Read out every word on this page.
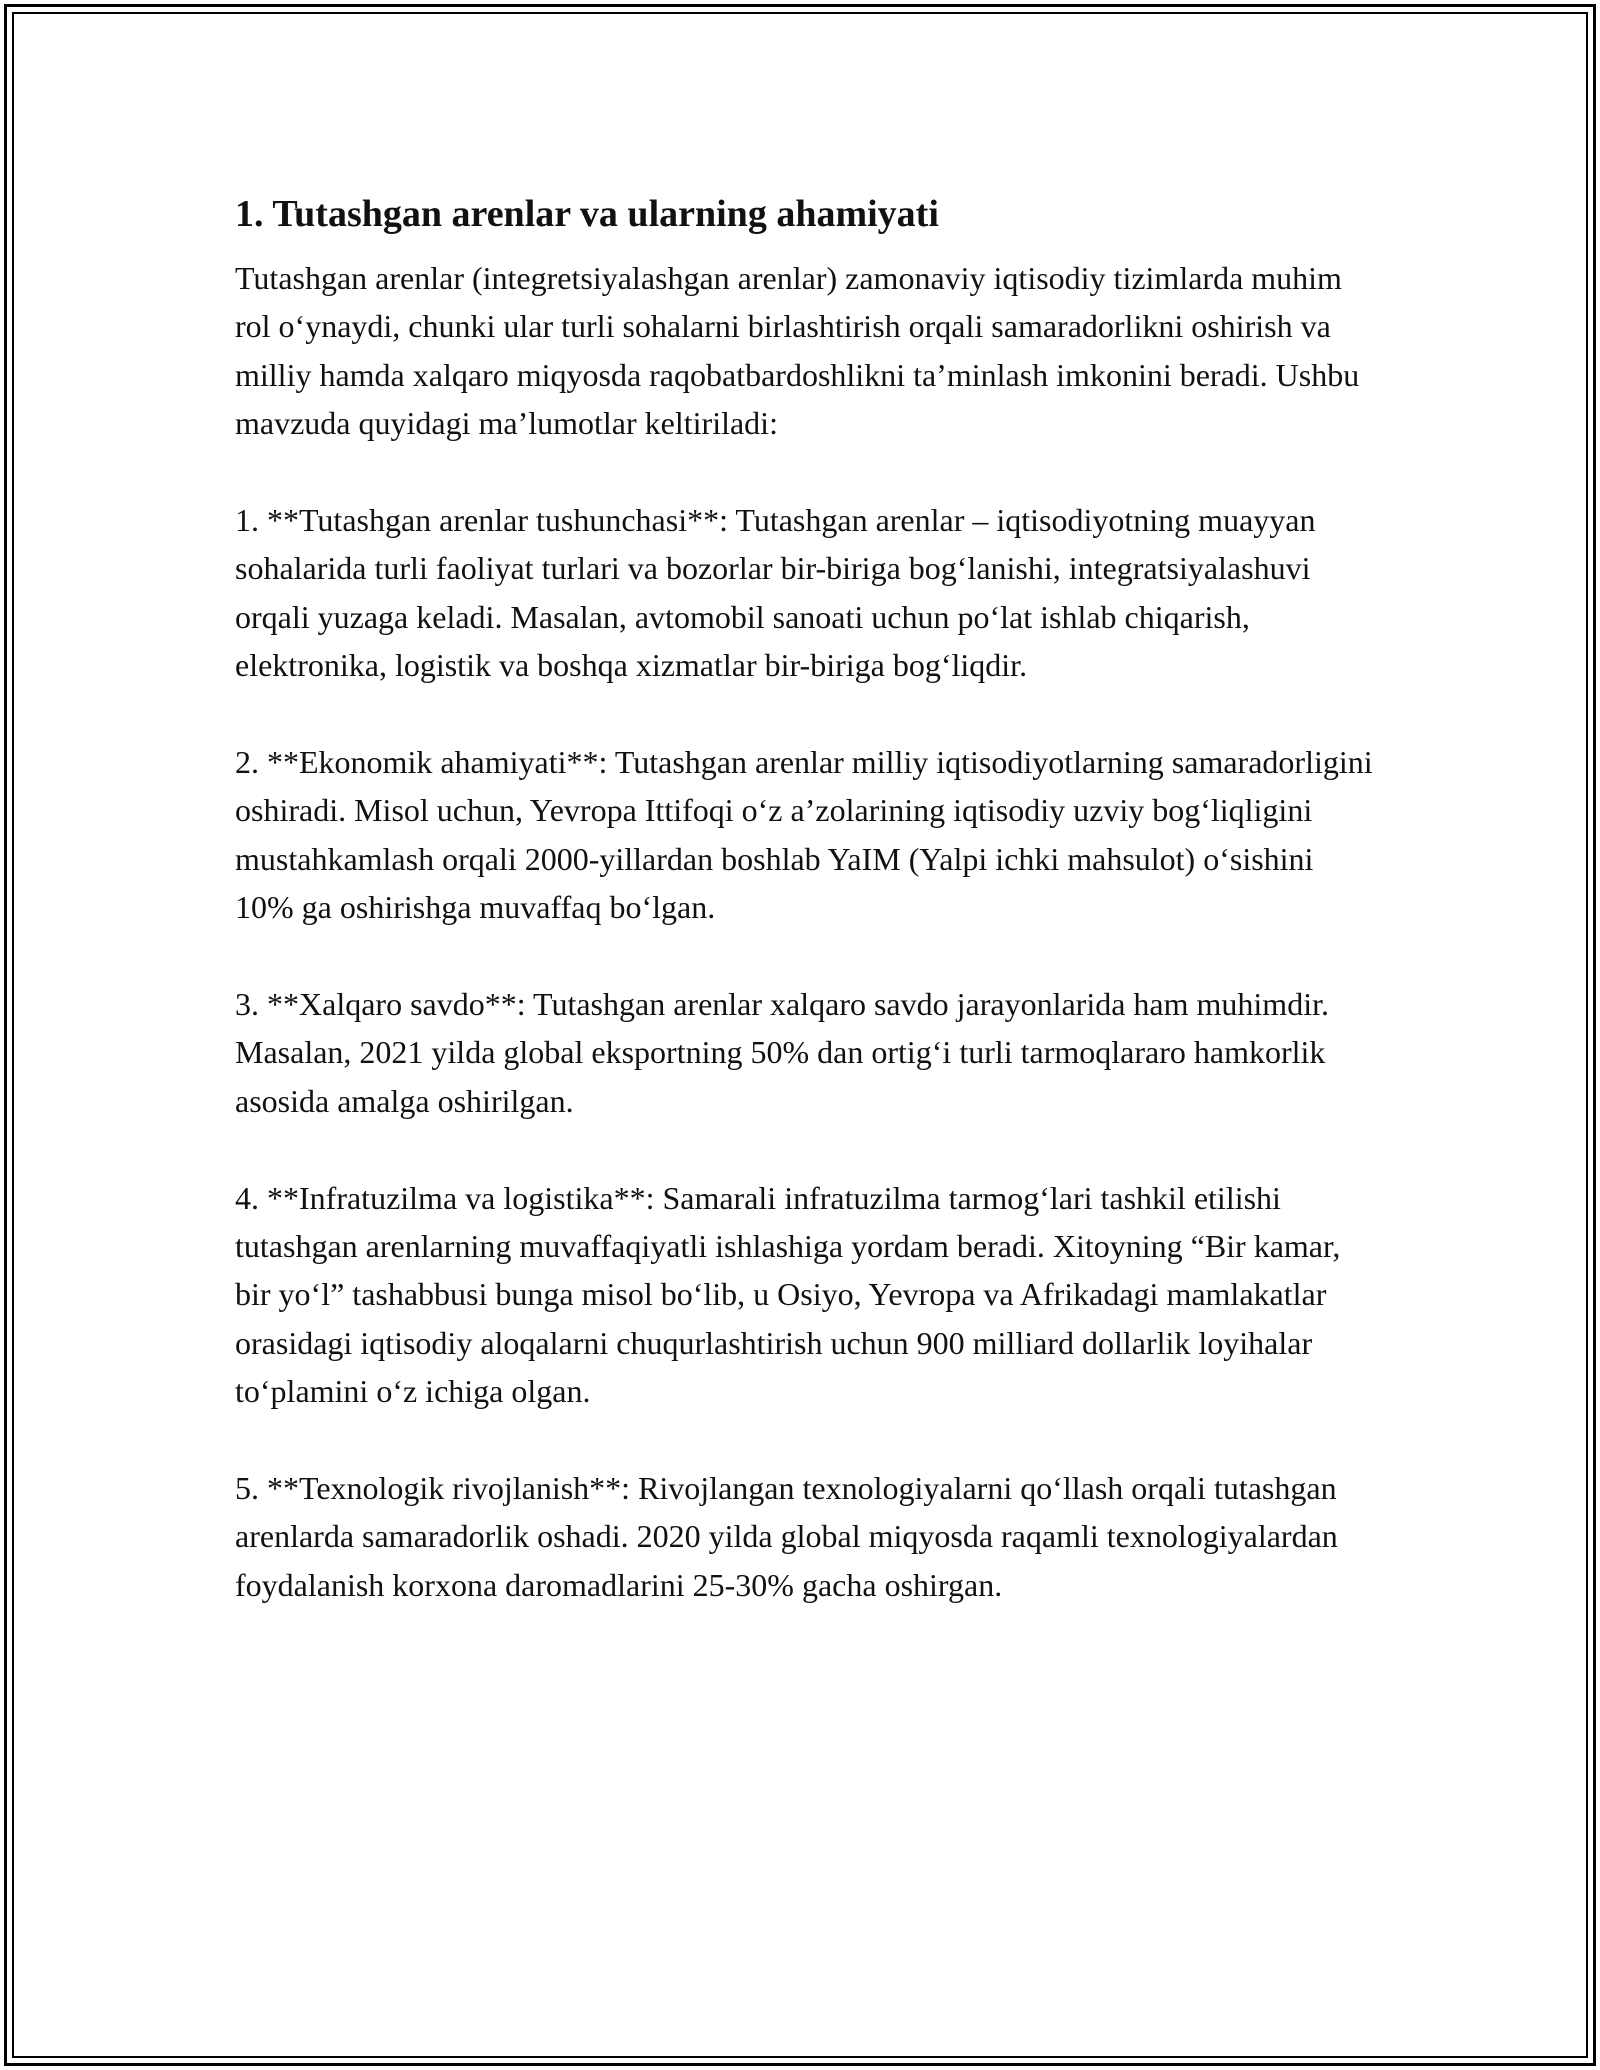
1. Tutashgan arenlar va ularning ahamiyati

Tutashgan arenlar (integretsiyalashgan arenlar) zamonaviy iqtisodiy tizimlarda muhim rol o‘ynaydi, chunki ular turli sohalarni birlashtirish orqali samaradorlikni oshirish va milliy hamda xalqaro miqyosda raqobatbardoshlikni ta’minlash imkonini beradi. Ushbu mavzuda quyidagi ma’lumotlar keltiriladi:

1. **Tutashgan arenlar tushunchasi**: Tutashgan arenlar – iqtisodiyotning muayyan sohalarida turli faoliyat turlari va bozorlar bir-biriga bog‘lanishi, integratsiyalashuvi orqali yuzaga keladi. Masalan, avtomobil sanoati uchun po‘lat ishlab chiqarish, elektronika, logistik va boshqa xizmatlar bir-biriga bog‘liqdir.

2. **Ekonomik ahamiyati**: Tutashgan arenlar milliy iqtisodiyotlarning samaradorligini oshiradi. Misol uchun, Yevropa Ittifoqi o‘z a’zolarining iqtisodiy uzviy bog‘liqligini mustahkamlash orqali 2000-yillardan boshlab YaIM (Yalpi ichki mahsulot) o‘sishini 10% ga oshirishga muvaffaq bo‘lgan.

3. **Xalqaro savdo**: Tutashgan arenlar xalqaro savdo jarayonlarida ham muhimdir. Masalan, 2021 yilda global eksportning 50% dan ortig‘i turli tarmoqlararo hamkorlik asosida amalga oshirilgan.

4. **Infratuzilma va logistika**: Samarali infratuzilma tarmog‘lari tashkil etilishi tutashgan arenlarning muvaffaqiyatli ishlashiga yordam beradi. Xitoyning “Bir kamar, bir yo‘l” tashabbusi bunga misol bo‘lib, u Osiyo, Yevropa va Afrikadagi mamlakatlar orasidagi iqtisodiy aloqalarni chuqurlashtirish uchun 900 milliard dollarlik loyihalar to‘plamini o‘z ichiga olgan.

5. **Texnologik rivojlanish**: Rivojlangan texnologiyalarni qo‘llash orqali tutashgan arenlarda samaradorlik oshadi. 2020 yilda global miqyosda raqamli texnologiyalardan foydalanish korxona daromadlarini 25-30% gacha oshirgan.
